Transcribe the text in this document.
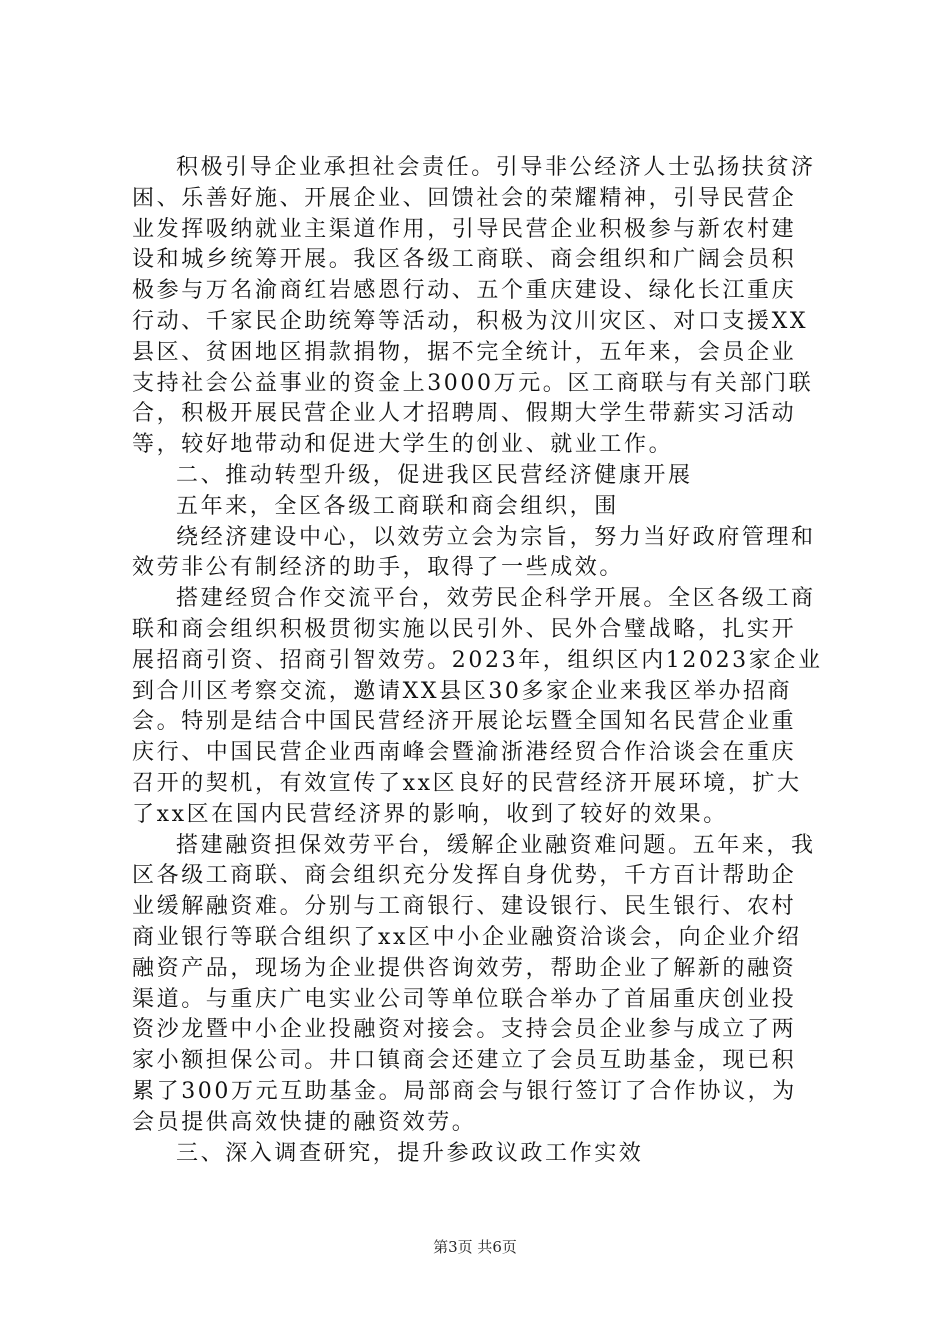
积极引导企业承担社会责任。引导非公经济人士弘扬扶贫济
困、乐善好施、开展企业、回馈社会的荣耀精神，引导民营企
业发挥吸纳就业主渠道作用，引导民营企业积极参与新农村建
设和城乡统筹开展。我区各级工商联、商会组织和广阔会员积
极参与万名渝商红岩感恩行动、五个重庆建设、绿化长江重庆
行动、千家民企助统筹等活动，积极为汶川灾区、对口支援XX
县区、贫困地区捐款捐物，据不完全统计，五年来，会员企业
支持社会公益事业的资金上3000万元。区工商联与有关部门联
合，积极开展民营企业人才招聘周、假期大学生带薪实习活动
等，较好地带动和促进大学生的创业、就业工作。
二、推动转型升级，促进我区民营经济健康开展
五年来，全区各级工商联和商会组织，围
绕经济建设中心，以效劳立会为宗旨，努力当好政府管理和
效劳非公有制经济的助手，取得了一些成效。
搭建经贸合作交流平台，效劳民企科学开展。全区各级工商
联和商会组织积极贯彻实施以民引外、民外合璧战略，扎实开
展招商引资、招商引智效劳。2023年，组织区内12023家企业
到合川区考察交流，邀请XX县区30多家企业来我区举办招商
会。特别是结合中国民营经济开展论坛暨全国知名民营企业重
庆行、中国民营企业西南峰会暨渝浙港经贸合作洽谈会在重庆
召开的契机，有效宣传了xx区良好的民营经济开展环境，扩大
了xx区在国内民营经济界的影响，收到了较好的效果。
搭建融资担保效劳平台，缓解企业融资难问题。五年来，我
区各级工商联、商会组织充分发挥自身优势，千方百计帮助企
业缓解融资难。分别与工商银行、建设银行、民生银行、农村
商业银行等联合组织了xx区中小企业融资洽谈会，向企业介绍
融资产品，现场为企业提供咨询效劳，帮助企业了解新的融资
渠道。与重庆广电实业公司等单位联合举办了首届重庆创业投
资沙龙暨中小企业投融资对接会。支持会员企业参与成立了两
家小额担保公司。井口镇商会还建立了会员互助基金，现已积
累了300万元互助基金。局部商会与银行签订了合作协议，为
会员提供高效快捷的融资效劳。
三、深入调查研究，提升参政议政工作实效
第3页 共6页
